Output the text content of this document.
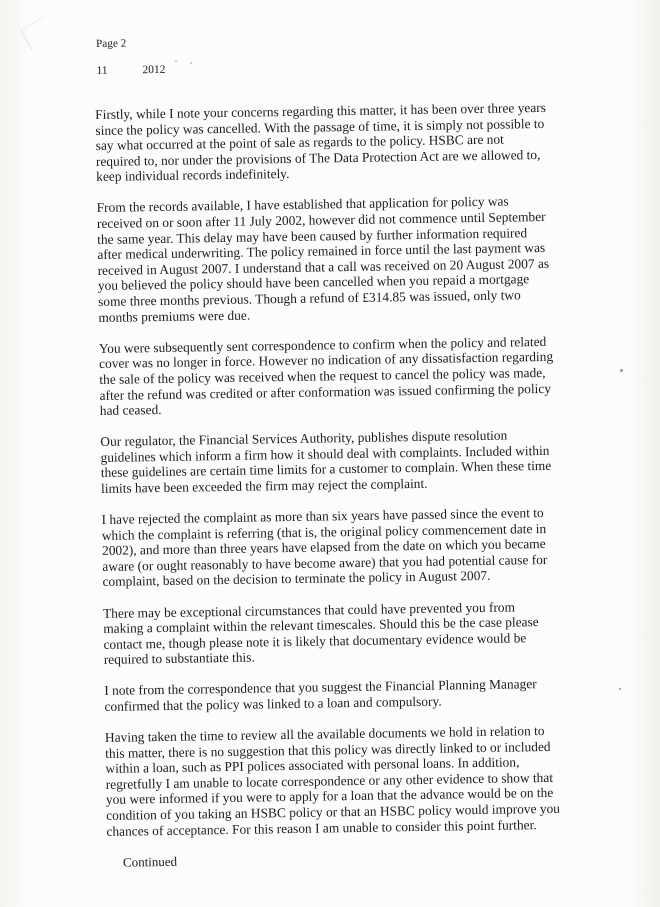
Page 2
11	2012

Firstly, while I note your concerns regarding this matter, it has been over three years since the policy was cancelled. With the passage of time, it is simply not possible to say what occurred at the point of sale as regards to the policy. HSBC are not required to, nor under the provisions of The Data Protection Act are we allowed to, keep individual records indefinitely.

From the records available, I have established that application for policy was received on or soon after 11 July 2002, however did not commence until September the same year. This delay may have been caused by further information required after medical underwriting. The policy remained in force until the last payment was received in August 2007. I understand that a call was received on 20 August 2007 as you believed the policy should have been cancelled when you repaid a mortgage some three months previous. Though a refund of £314.85 was issued, only two months premiums were due.

You were subsequently sent correspondence to confirm when the policy and related cover was no longer in force. However no indication of any dissatisfaction regarding the sale of the policy was received when the request to cancel the policy was made, after the refund was credited or after conformation was issued confirming the policy had ceased.

Our regulator, the Financial Services Authority, publishes dispute resolution guidelines which inform a firm how it should deal with complaints. Included within these guidelines are certain time limits for a customer to complain. When these time limits have been exceeded the firm may reject the complaint.

I have rejected the complaint as more than six years have passed since the event to which the complaint is referring (that is, the original policy commencement date in 2002), and more than three years have elapsed from the date on which you became aware (or ought reasonably to have become aware) that you had potential cause for complaint, based on the decision to terminate the policy in August 2007.

There may be exceptional circumstances that could have prevented you from making a complaint within the relevant timescales. Should this be the case please contact me, though please note it is likely that documentary evidence would be required to substantiate this.

I note from the correspondence that you suggest the Financial Planning Manager confirmed that the policy was linked to a loan and compulsory.

Having taken the time to review all the available documents we hold in relation to this matter, there is no suggestion that this policy was directly linked to or included within a loan, such as PPI polices associated with personal loans. In addition, regretfully I am unable to locate correspondence or any other evidence to show that you were informed if you were to apply for a loan that the advance would be on the condition of you taking an HSBC policy or that an HSBC policy would improve you chances of acceptance. For this reason I am unable to consider this point further.

Continued
